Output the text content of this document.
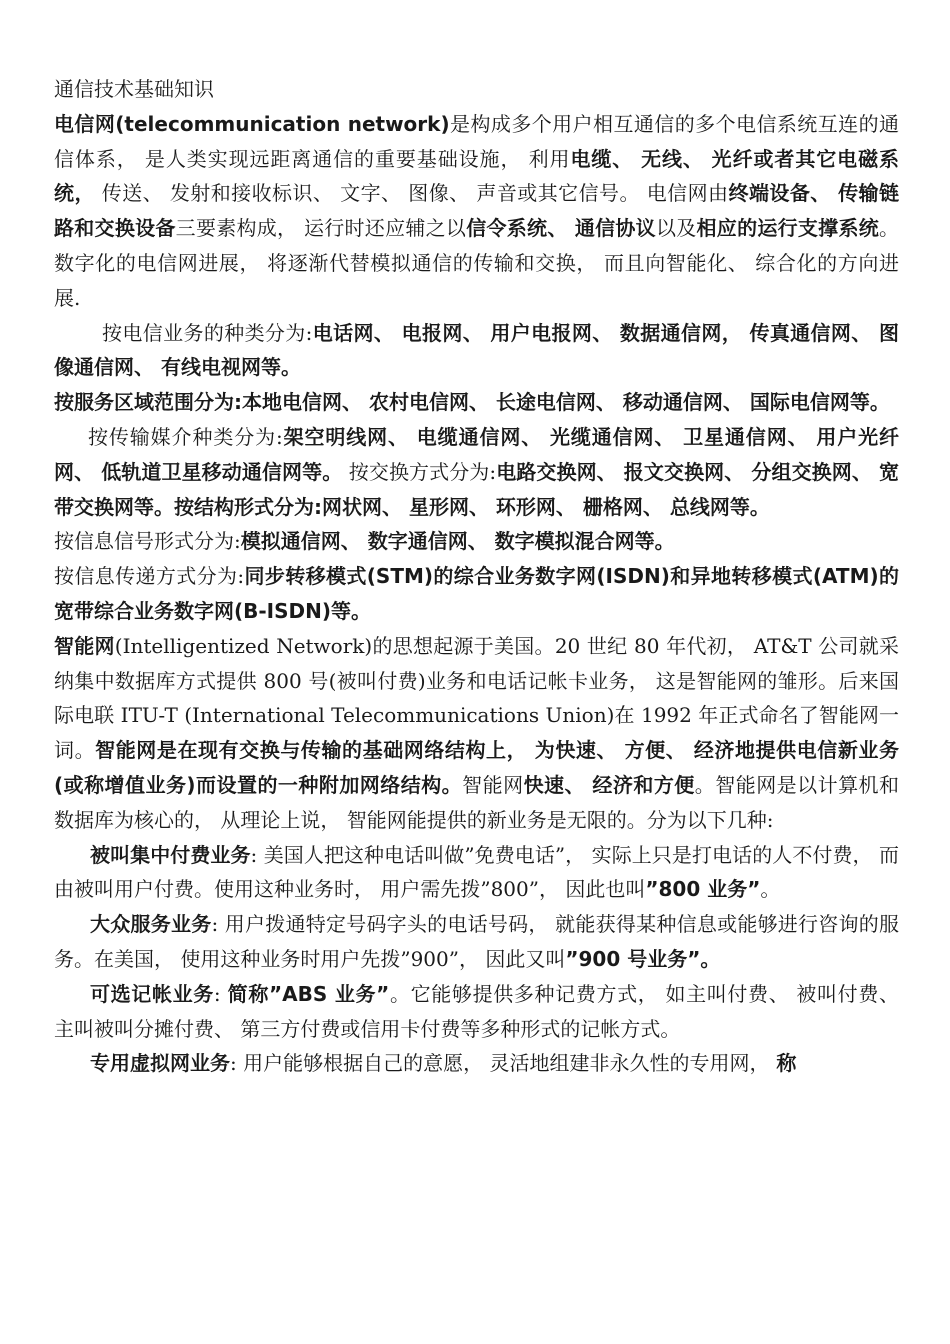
通信技术基础知识

电信网(telecommunication network)是构成多个用户相互通信的多个电信系统互连的通信体系， 是人类实现远距离通信的重要基础设施， 利用电缆、 无线、 光纤或者其它电磁系统， 传送、 发射和接收标识、 文字、 图像、 声音或其它信号。 电信网由终端设备、 传输链路和交换设备三要素构成， 运行时还应辅之以信令系统、 通信协议以及相应的运行支撑系统。 数字化的电信网进展， 将逐渐代替模拟通信的传输和交换， 而且向智能化、 综合化的方向进展.

按电信业务的种类分为:电话网、 电报网、 用户电报网、 数据通信网， 传真通信网、 图像通信网、 有线电视网等。

按服务区域范围分为:本地电信网、 农村电信网、 长途电信网、 移动通信网、 国际电信网等。

按传输媒介种类分为:架空明线网、 电缆通信网、 光缆通信网、 卫星通信网、 用户光纤网、 低轨道卫星移动通信网等。 按交换方式分为:电路交换网、 报文交换网、 分组交换网、 宽带交换网等。按结构形式分为:网状网、 星形网、 环形网、 栅格网、 总线网等。

按信息信号形式分为:模拟通信网、 数字通信网、 数字模拟混合网等。

按信息传递方式分为:同步转移模式(STM)的综合业务数字网(ISDN)和异地转移模式(ATM)的宽带综合业务数字网(B-ISDN)等。

智能网(Intelligentized Network)的思想起源于美国。20 世纪 80 年代初， AT&T 公司就采纳集中数据库方式提供 800 号(被叫付费)业务和电话记帐卡业务， 这是智能网的雏形。后来国际电联 ITU-T (International Telecommunications Union)在 1992 年正式命名了智能网一词。智能网是在现有交换与传输的基础网络结构上， 为快速、 方便、 经济地提供电信新业务(或称增值业务)而设置的一种附加网络结构。智能网快速、 经济和方便。智能网是以计算机和数据库为核心的， 从理论上说， 智能网能提供的新业务是无限的。分为以下几种:

被叫集中付费业务: 美国人把这种电话叫做”免费电话”， 实际上只是打电话的人不付费， 而由被叫用户付费。使用这种业务时， 用户需先拨”800”， 因此也叫”800 业务”。

大众服务业务: 用户拨通特定号码字头的电话号码， 就能获得某种信息或能够进行咨询的服务。在美国， 使用这种业务时用户先拨”900”， 因此又叫”900 号业务”。

可选记帐业务: 简称”ABS 业务”。它能够提供多种记费方式， 如主叫付费、 被叫付费、 主叫被叫分摊付费、 第三方付费或信用卡付费等多种形式的记帐方式。

专用虚拟网业务: 用户能够根据自己的意愿， 灵活地组建非永久性的专用网， 称
